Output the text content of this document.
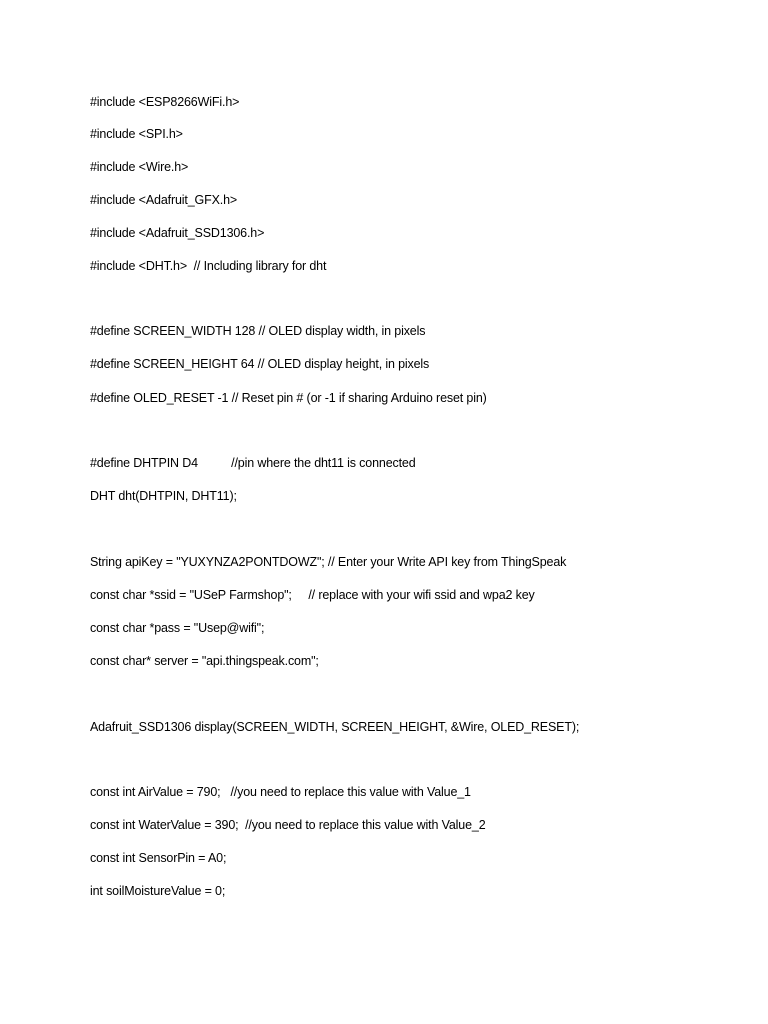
#include <ESP8266WiFi.h>
#include <SPI.h>
#include <Wire.h>
#include <Adafruit_GFX.h>
#include <Adafruit_SSD1306.h>
#include <DHT.h>  // Including library for dht
#define SCREEN_WIDTH 128 // OLED display width, in pixels
#define SCREEN_HEIGHT 64 // OLED display height, in pixels
#define OLED_RESET -1 // Reset pin # (or -1 if sharing Arduino reset pin)
#define DHTPIN D4          //pin where the dht11 is connected
DHT dht(DHTPIN, DHT11);
String apiKey = "YUXYNZA2PONTDOWZ"; // Enter your Write API key from ThingSpeak
const char *ssid = "USeP Farmshop";     // replace with your wifi ssid and wpa2 key
const char *pass = "Usep@wifi";
const char* server = "api.thingspeak.com";
Adafruit_SSD1306 display(SCREEN_WIDTH, SCREEN_HEIGHT, &Wire, OLED_RESET);
const int AirValue = 790;   //you need to replace this value with Value_1
const int WaterValue = 390;  //you need to replace this value with Value_2
const int SensorPin = A0;
int soilMoistureValue = 0;
